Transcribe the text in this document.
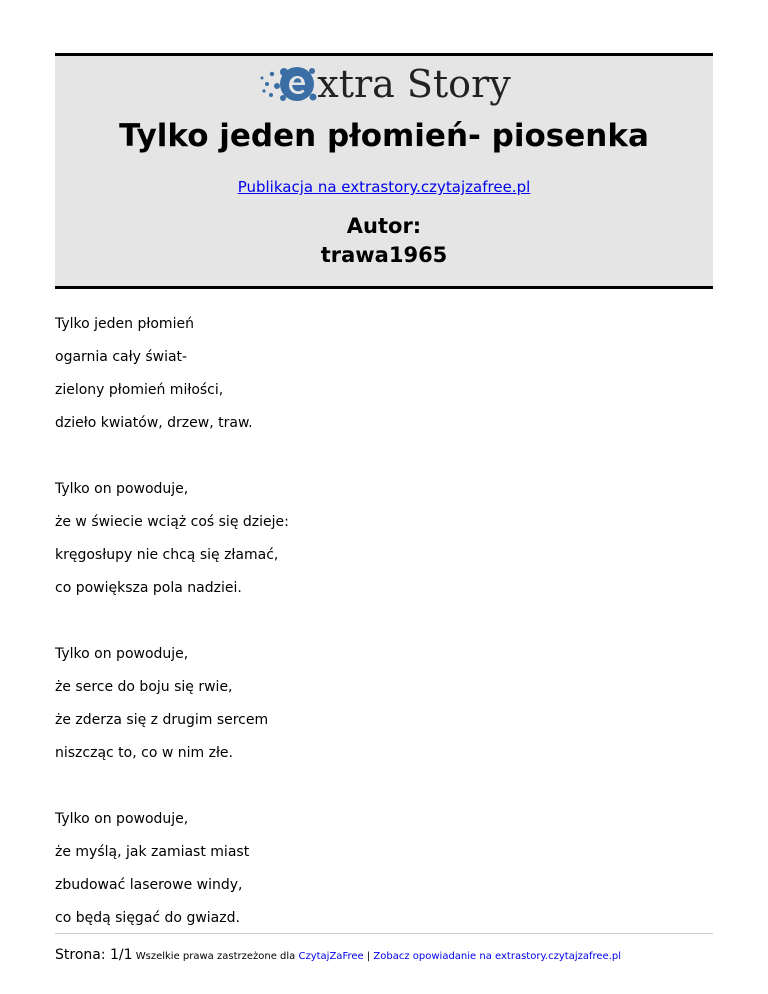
xtra Story
Tylko jeden płomień- piosenka
Publikacja na extrastory.czytajzafree.pl
Autor:
trawa1965
Tylko jeden płomień
ogarnia cały świat-
zielony płomień miłości,
dzieło kwiatów, drzew, traw.
Tylko on powoduje,
że w świecie wciąż coś się dzieje:
kręgosłupy nie chcą się złamać,
co powiększa pola nadziei.
Tylko on powoduje,
że serce do boju się rwie,
że zderza się z drugim sercem
niszcząc to, co w nim złe.
Tylko on powoduje,
że myślą, jak zamiast miast
zbudować laserowe windy,
co będą sięgać do gwiazd.
Strona: 1/1 Wszelkie prawa zastrzeżone dla CzytajZaFree | Zobacz opowiadanie na extrastory.czytajzafree.pl
